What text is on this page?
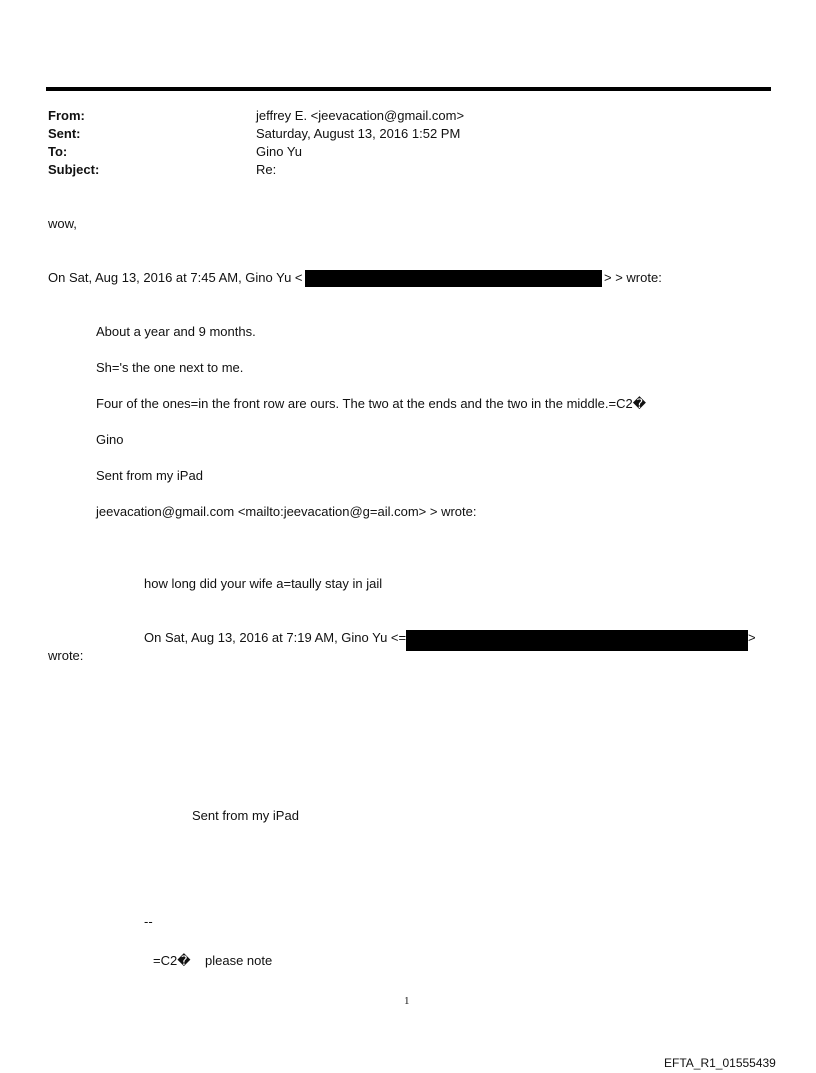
From:	jeffrey E. <jeevacation@gmail.com>
Sent:	Saturday, August 13, 2016 1:52 PM
To:	Gino Yu
Subject:	Re:
wow,
On Sat, Aug 13, 2016 at 7:45 AM, Gino Yu <	> > wrote:
About a year and 9 months.
Sh='s the one next to me.
Four of the ones=in the front row are ours. The two at the ends and the two in the middle.=C2�
Gino
Sent from my iPad
jeevacation@gmail.com <mailto:jeevacation@g=ail.com> > wrote:
how long did your wife a=taully stay in jail
On Sat, Aug 13, 2016 at 7:19 AM, Gino Yu <=	>
wrote:
Sent from my iPad
--
=C2�    please note
1
EFTA_R1_01555439
